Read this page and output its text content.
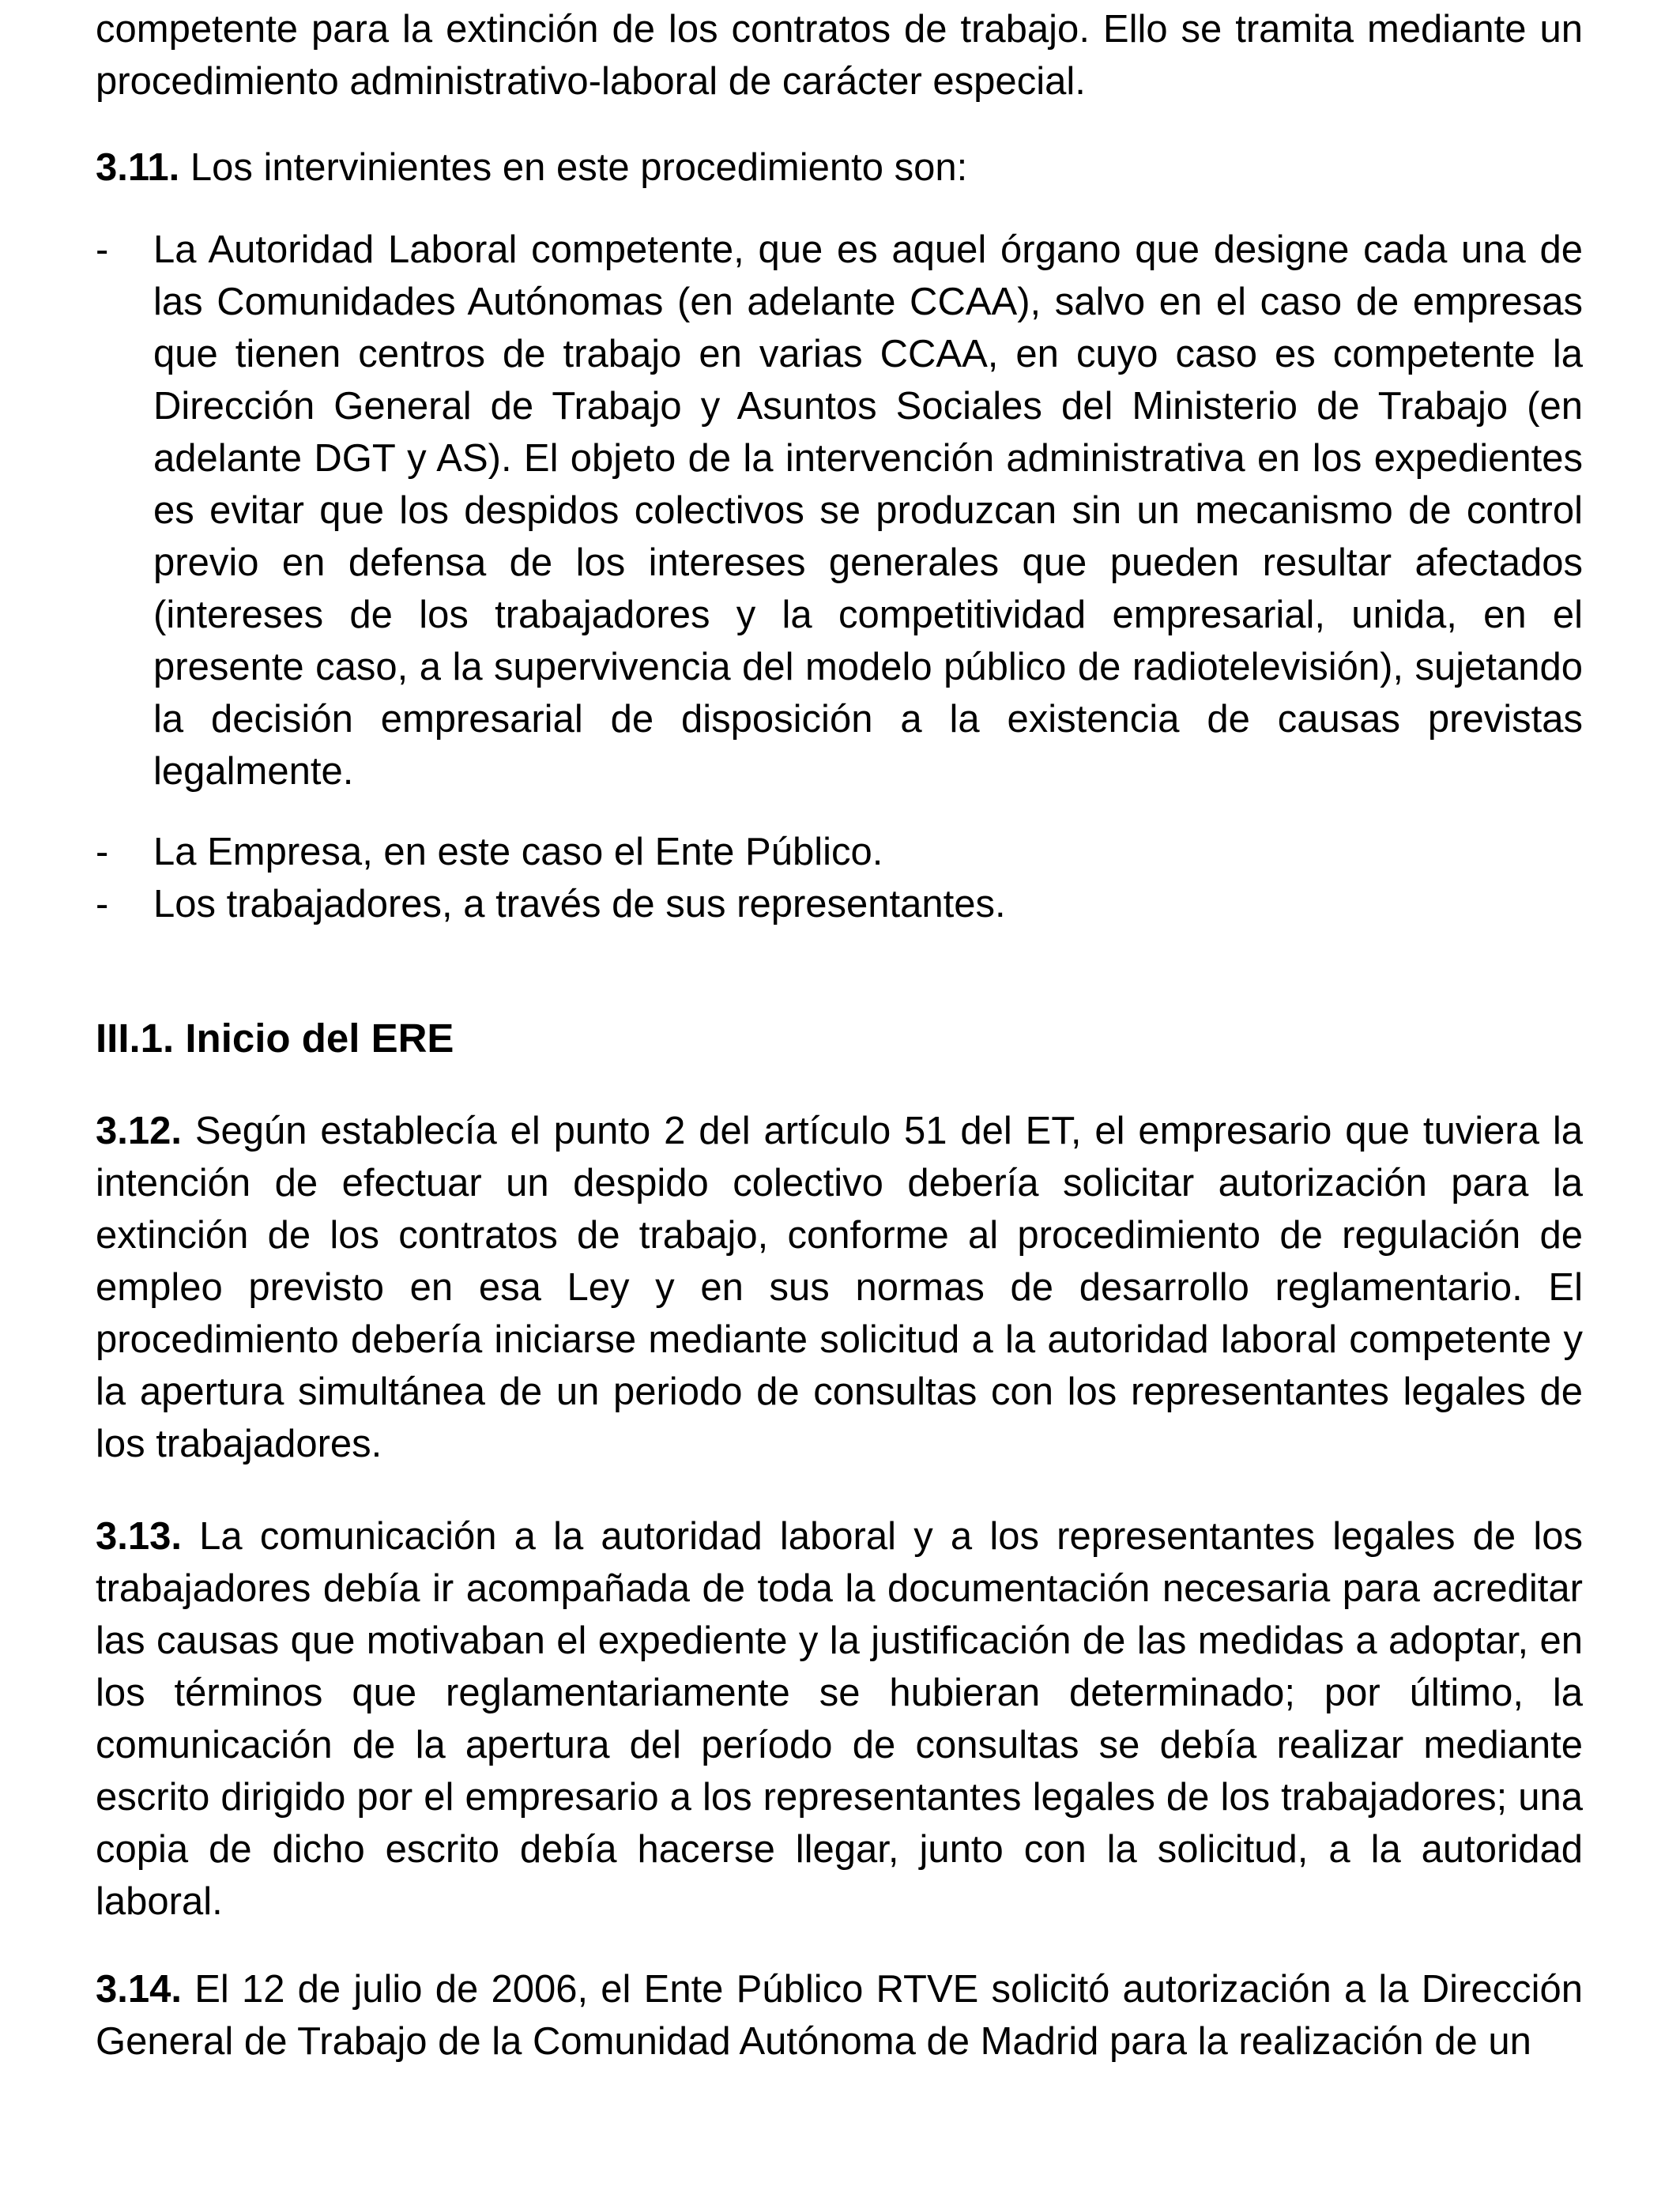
competente para la extinción de los contratos de trabajo. Ello se tramita mediante un procedimiento administrativo-laboral de carácter especial.

3.11. Los intervinientes en este procedimiento son:

- La Autoridad Laboral competente, que es aquel órgano que designe cada una de las Comunidades Autónomas (en adelante CCAA), salvo en el caso de empresas que tienen centros de trabajo en varias CCAA, en cuyo caso es competente la Dirección General de Trabajo y Asuntos Sociales del Ministerio de Trabajo (en adelante DGT y AS). El objeto de la intervención administrativa en los expedientes es evitar que los despidos colectivos se produzcan sin un mecanismo de control previo en defensa de los intereses generales que pueden resultar afectados (intereses de los trabajadores y la competitividad empresarial, unida, en el presente caso, a la supervivencia del modelo público de radiotelevisión), sujetando la decisión empresarial de disposición a la existencia de causas previstas legalmente.
- La Empresa, en este caso el Ente Público.
- Los trabajadores, a través de sus representantes.
III.1. Inicio del ERE

3.12. Según establecía el punto 2 del artículo 51 del ET, el empresario que tuviera la intención de efectuar un despido colectivo debería solicitar autorización para la extinción de los contratos de trabajo, conforme al procedimiento de regulación de empleo previsto en esa Ley y en sus normas de desarrollo reglamentario. El procedimiento debería iniciarse mediante solicitud a la autoridad laboral competente y la apertura simultánea de un periodo de consultas con los representantes legales de los trabajadores.

3.13. La comunicación a la autoridad laboral y a los representantes legales de los trabajadores debía ir acompañada de toda la documentación necesaria para acreditar las causas que motivaban el expediente y la justificación de las medidas a adoptar, en los términos que reglamentariamente se hubieran determinado; por último, la comunicación de la apertura del período de consultas se debía realizar mediante escrito dirigido por el empresario a los representantes legales de los trabajadores; una copia de dicho escrito debía hacerse llegar, junto con la solicitud, a la autoridad laboral.

3.14. El 12 de julio de 2006, el Ente Público RTVE solicitó autorización a la Dirección General de Trabajo de la Comunidad Autónoma de Madrid para la realización de un
